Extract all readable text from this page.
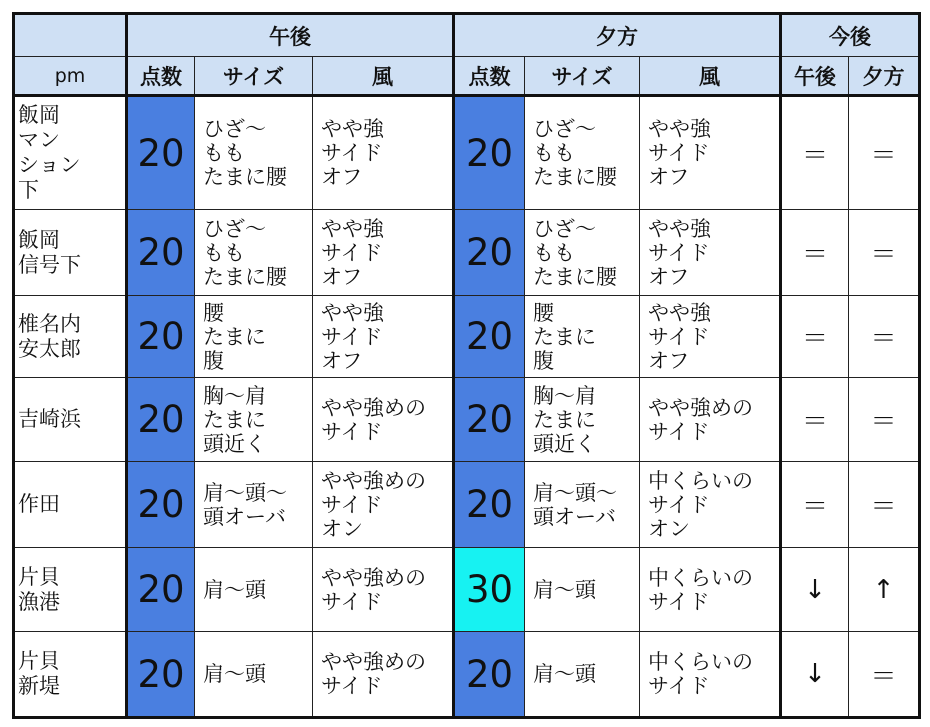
	午後			夕方			今後	
pm	点数	サイズ	風	点数	サイズ	風	午後	夕方

飯岡
マン
ション
下	20	ひざ〜
もも
たまに腰	やや強
サイド
オフ	20	ひざ〜
もも
たまに腰	やや強
サイド
オフ	＝	＝

飯岡
信号下	20	ひざ〜
もも
たまに腰	やや強
サイド
オフ	20	ひざ〜
もも
たまに腰	やや強
サイド
オフ	＝	＝

椎名内
安太郎	20	腰
たまに
腹	やや強
サイド
オフ	20	腰
たまに
腹	やや強
サイド
オフ	＝	＝

吉崎浜	20	胸〜肩
たまに
頭近く	やや強めの
サイド	20	胸〜肩
たまに
頭近く	やや強めの
サイド	＝	＝

作田	20	肩〜頭〜
頭オーバ	やや強めの
サイド
オン	20	肩〜頭〜
頭オーバ	中くらいの
サイド
オン	＝	＝

片貝
漁港	20	肩〜頭	やや強めの
サイド	30	肩〜頭	中くらいの
サイド	↓	↑

片貝
新堤	20	肩〜頭	やや強めの
サイド	20	肩〜頭	中くらいの
サイド	↓	＝
